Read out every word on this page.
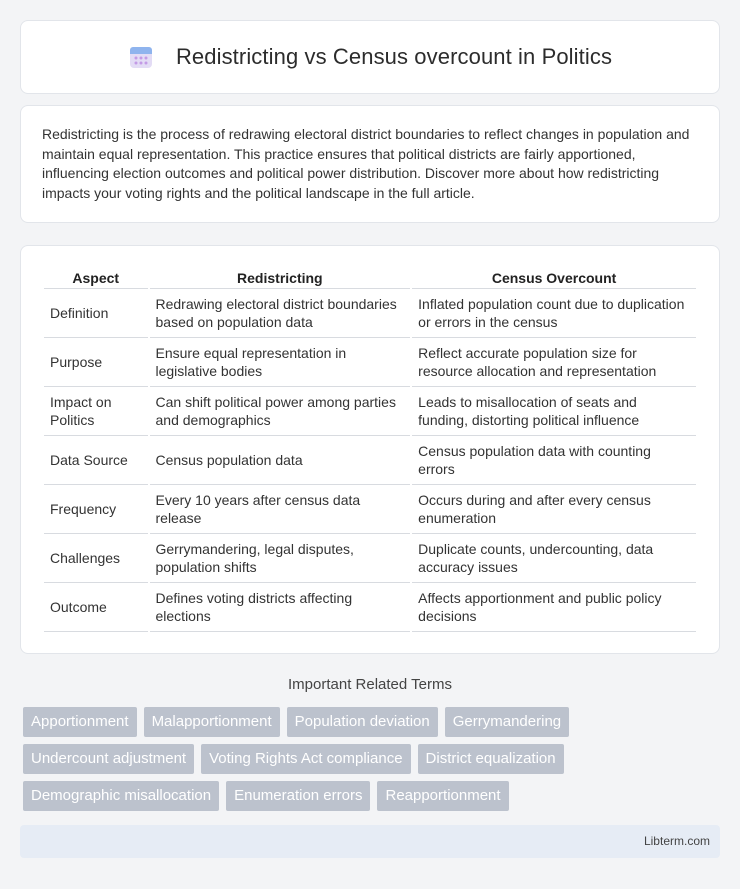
Redistricting vs Census overcount in Politics

Redistricting is the process of redrawing electoral district boundaries to reflect changes in population and maintain equal representation. This practice ensures that political districts are fairly apportioned, influencing election outcomes and political power distribution. Discover more about how redistricting impacts your voting rights and the political landscape in the full article.

Aspect	Redistricting	Census Overcount
Definition	Redrawing electoral district boundaries based on population data	Inflated population count due to duplication or errors in the census
Purpose	Ensure equal representation in legislative bodies	Reflect accurate population size for resource allocation and representation
Impact on Politics	Can shift political power among parties and demographics	Leads to misallocation of seats and funding, distorting political influence
Data Source	Census population data	Census population data with counting errors
Frequency	Every 10 years after census data release	Occurs during and after every census enumeration
Challenges	Gerrymandering, legal disputes, population shifts	Duplicate counts, undercounting, data accuracy issues
Outcome	Defines voting districts affecting elections	Affects apportionment and public policy decisions
Important Related Terms
Apportionment	Malapportionment	Population deviation	Gerrymandering
Undercount adjustment	Voting Rights Act compliance	District equalization
Demographic misallocation	Enumeration errors	Reapportionment
Libterm.com
